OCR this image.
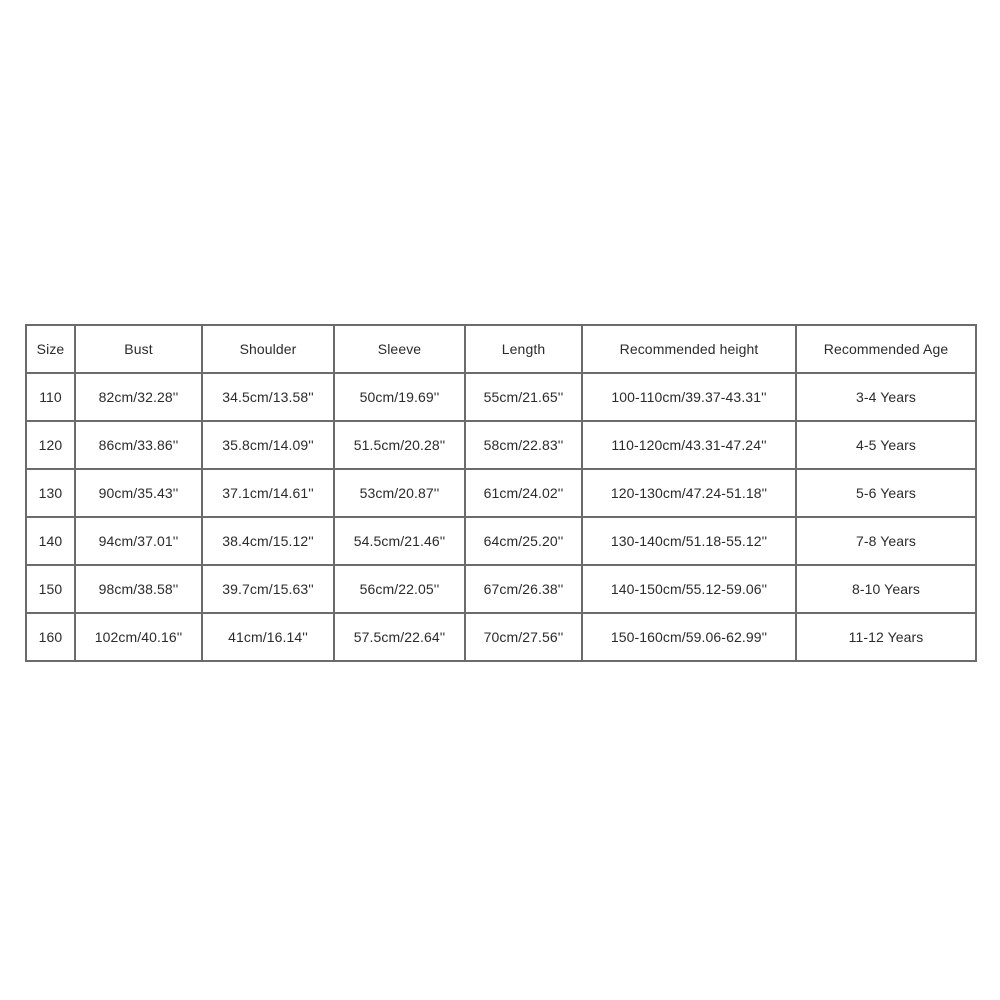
Size	Bust	Shoulder	Sleeve	Length	Recommended height	Recommended Age
110	82cm/32.28''	34.5cm/13.58''	50cm/19.69''	55cm/21.65''	100-110cm/39.37-43.31''	3-4 Years
120	86cm/33.86''	35.8cm/14.09''	51.5cm/20.28''	58cm/22.83''	110-120cm/43.31-47.24''	4-5 Years
130	90cm/35.43''	37.1cm/14.61''	53cm/20.87''	61cm/24.02''	120-130cm/47.24-51.18''	5-6 Years
140	94cm/37.01''	38.4cm/15.12''	54.5cm/21.46''	64cm/25.20''	130-140cm/51.18-55.12''	7-8 Years
150	98cm/38.58''	39.7cm/15.63''	56cm/22.05''	67cm/26.38''	140-150cm/55.12-59.06''	8-10 Years
160	102cm/40.16''	41cm/16.14''	57.5cm/22.64''	70cm/27.56''	150-160cm/59.06-62.99''	11-12 Years
